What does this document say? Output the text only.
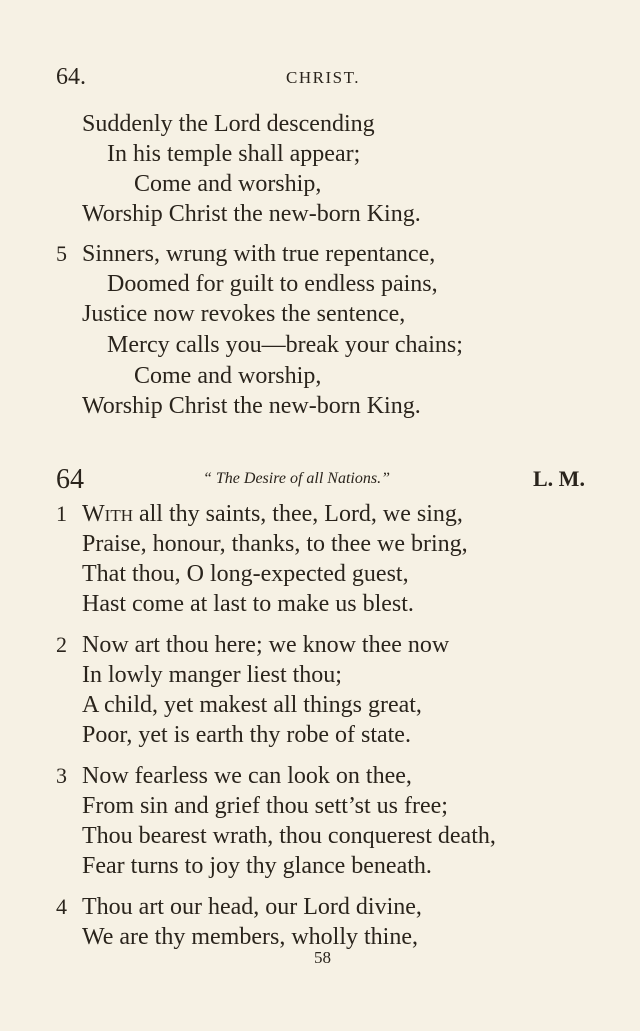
64.	CHRIST.
Suddenly the Lord descending
In his temple shall appear;
Come and worship,
Worship Christ the new-born King.
5 Sinners, wrung with true repentance,
Doomed for guilt to endless pains,
Justice now revokes the sentence,
Mercy calls you—break your chains;
Come and worship,
Worship Christ the new-born King.
64	“ The Desire of all Nations.”	L. M.
1 With all thy saints, thee, Lord, we sing,
Praise, honour, thanks, to thee we bring,
That thou, O long-expected guest,
Hast come at last to make us blest.
2 Now art thou here; we know thee now
In lowly manger liest thou;
A child, yet makest all things great,
Poor, yet is earth thy robe of state.
3 Now fearless we can look on thee,
From sin and grief thou sett’st us free;
Thou bearest wrath, thou conquerest death,
Fear turns to joy thy glance beneath.
4 Thou art our head, our Lord divine,
We are thy members, wholly thine,
58
